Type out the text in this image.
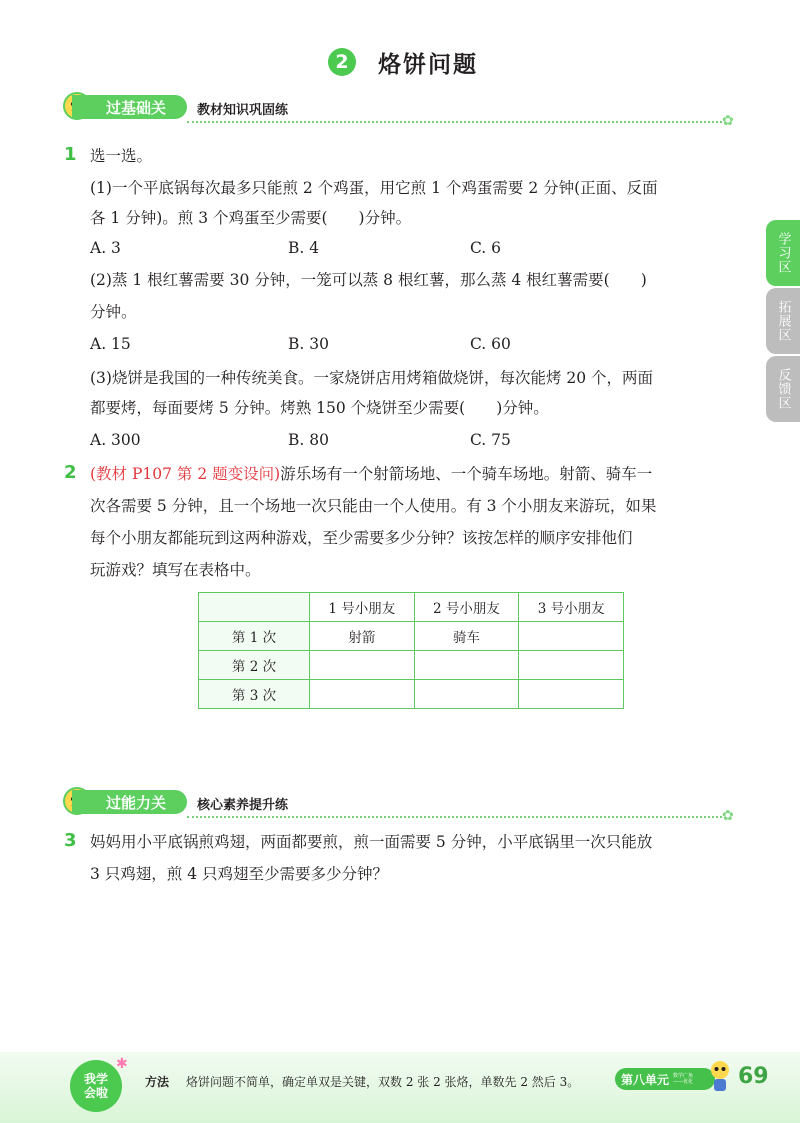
2	烙饼问题
过基础关	教材知识巩固练
✿
学习区
拓展区
反馈区
1 选一选。
(1)一个平底锅每次最多只能煎 2 个鸡蛋，用它煎 1 个鸡蛋需要 2 分钟(正面、反面
各 1 分钟)。煎 3 个鸡蛋至少需要(　　)分钟。
A. 3	B. 4	C. 6
(2)蒸 1 根红薯需要 30 分钟，一笼可以蒸 8 根红薯，那么蒸 4 根红薯需要(　　)
分钟。
A. 15	B. 30	C. 60
(3)烧饼是我国的一种传统美食。一家烧饼店用烤箱做烧饼，每次能烤 20 个，两面
都要烤，每面要烤 5 分钟。烤熟 150 个烧饼至少需要(　　)分钟。
A. 300	B. 80	C. 75
2 (教材 P107 第 2 题变设问)游乐场有一个射箭场地、一个骑车场地。射箭、骑车一
次各需要 5 分钟，且一个场地一次只能由一个人使用。有 3 个小朋友来游玩，如果
每个小朋友都能玩到这两种游戏，至少需要多少分钟？该按怎样的顺序安排他们
玩游戏？填写在表格中。
	1 号小朋友	2 号小朋友	3 号小朋友
第 1 次	射箭	骑车	
第 2 次			
第 3 次			
过能力关	核心素养提升练
✿
3 妈妈用小平底锅煎鸡翅，两面都要煎，煎一面需要 5 分钟，小平底锅里一次只能放
3 只鸡翅，煎 4 只鸡翅至少需要多少分钟？
我学
会啦
✱
方法 烙饼问题不简单，确定单双是关键，双数 2 张 2 张烙，单数先 2 然后 3。	第八单元 数学广角
——优化 69
